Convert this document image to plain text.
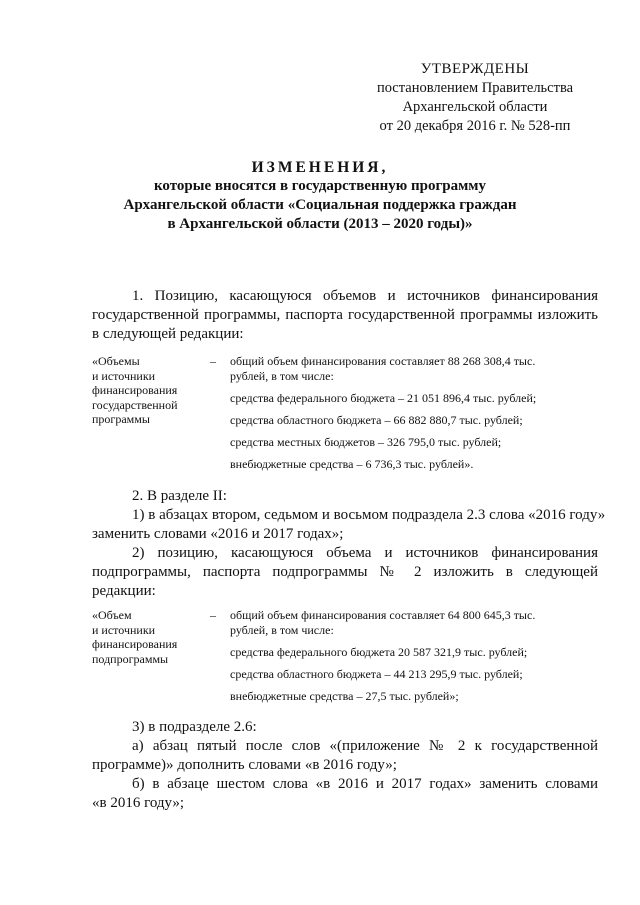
УТВЕРЖДЕНЫ
постановлением Правительства
Архангельской области
от 20 декабря 2016 г. № 528-пп
ИЗМЕНЕНИЯ,
которые вносятся в государственную программу
Архангельской области «Социальная поддержка граждан
в Архангельской области (2013 – 2020 годы)»
1. Позицию, касающуюся объемов и источников финансирования
государственной программы, паспорта государственной программы изложить
в следующей редакции:
«Объемы
и источники
финансирования
государственной
программы
– общий объем финансирования составляет 88 268 308,4 тыс.
рублей, в том числе:
средства федерального бюджета – 21 051 896,4 тыс. рублей;
средства областного бюджета – 66 882 880,7 тыс. рублей;
средства местных бюджетов – 326 795,0 тыс. рублей;
внебюджетные средства – 6 736,3 тыс. рублей».
2. В разделе II:
1) в абзацах втором, седьмом и восьмом подраздела 2.3 слова «2016 году»
заменить словами «2016 и 2017 годах»;
2) позицию, касающуюся объема и источников финансирования
подпрограммы, паспорта подпрограммы № 2 изложить в следующей
редакции:
«Объем
и источники
финансирования
подпрограммы
– общий объем финансирования составляет 64 800 645,3 тыс.
рублей, в том числе:
средства федерального бюджета 20 587 321,9 тыс. рублей;
средства областного бюджета – 44 213 295,9 тыс. рублей;
внебюджетные средства – 27,5 тыс. рублей»;
3) в подразделе 2.6:
а) абзац пятый после слов «(приложение № 2 к государственной
программе)» дополнить словами «в 2016 году»;
б) в абзаце шестом слова «в 2016 и 2017 годах» заменить словами
«в 2016 году»;
